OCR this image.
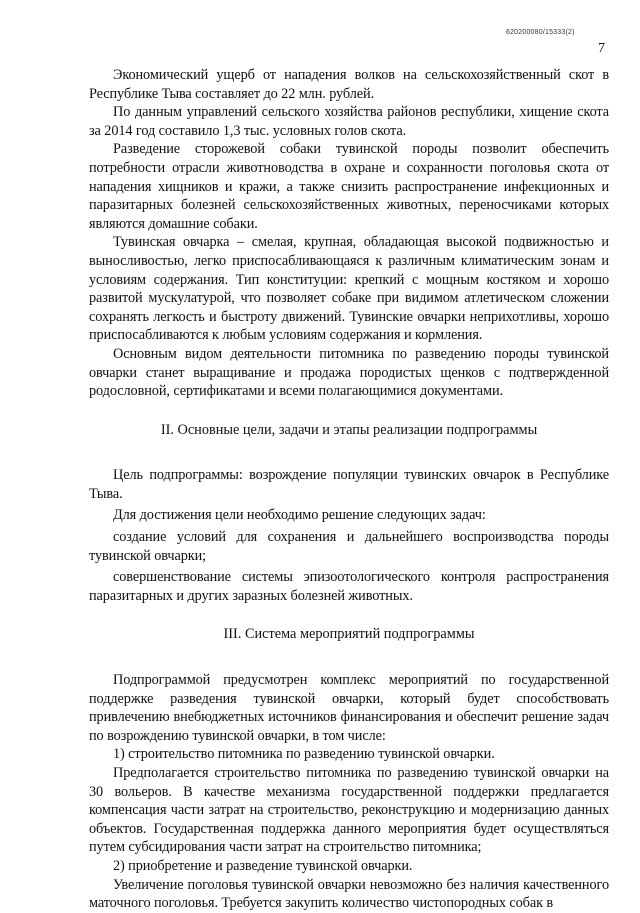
620200080/15333(2)
7

Экономический ущерб от нападения волков на сельскохозяйственный скот в Республике Тыва составляет до 22 млн. рублей.

По данным управлений сельского хозяйства районов республики, хищение скота за 2014 год составило 1,3 тыс. условных голов скота.

Разведение сторожевой собаки тувинской породы позволит обеспечить потребности отрасли животноводства в охране и сохранности поголовья скота от нападения хищников и кражи, а также снизить распространение инфекционных и паразитарных болезней сельскохозяйственных животных, переносчиками которых являются домашние собаки.

Тувинская овчарка – смелая, крупная, обладающая высокой подвижностью и выносливостью, легко приспосабливающаяся к различным климатическим зонам и условиям содержания. Тип конституции: крепкий с мощным костяком и хорошо развитой мускулатурой, что позволяет собаке при видимом атлетическом сложении сохранять легкость и быстроту движений. Тувинские овчарки неприхотливы, хорошо приспосабливаются к любым условиям содержания и кормления.

Основным видом деятельности питомника по разведению породы тувинской овчарки станет выращивание и продажа породистых щенков с подтвержденной родословной, сертификатами и всеми полагающимися документами.

II. Основные цели, задачи и этапы реализации подпрограммы

Цель подпрограммы: возрождение популяции тувинских овчарок в Республике Тыва.

Для достижения цели необходимо решение следующих задач:

создание условий для сохранения и дальнейшего воспроизводства породы тувинской овчарки;

совершенствование системы эпизоотологического контроля распространения паразитарных и других заразных болезней животных.

III. Система мероприятий подпрограммы

Подпрограммой предусмотрен комплекс мероприятий по государственной поддержке разведения тувинской овчарки, который будет способствовать привлечению внебюджетных источников финансирования и обеспечит решение задач по возрождению тувинской овчарки, в том числе:

1) строительство питомника по разведению тувинской овчарки.

Предполагается строительство питомника по разведению тувинской овчарки на 30 вольеров. В качестве механизма государственной поддержки предлагается компенсация части затрат на строительство, реконструкцию и модернизацию данных объектов. Государственная поддержка данного мероприятия будет осуществляться путем субсидирования части затрат на строительство питомника;

2) приобретение и разведение тувинской овчарки.

Увеличение поголовья тувинской овчарки невозможно без наличия качественного маточного поголовья. Требуется закупить количество чистопородных собак в
